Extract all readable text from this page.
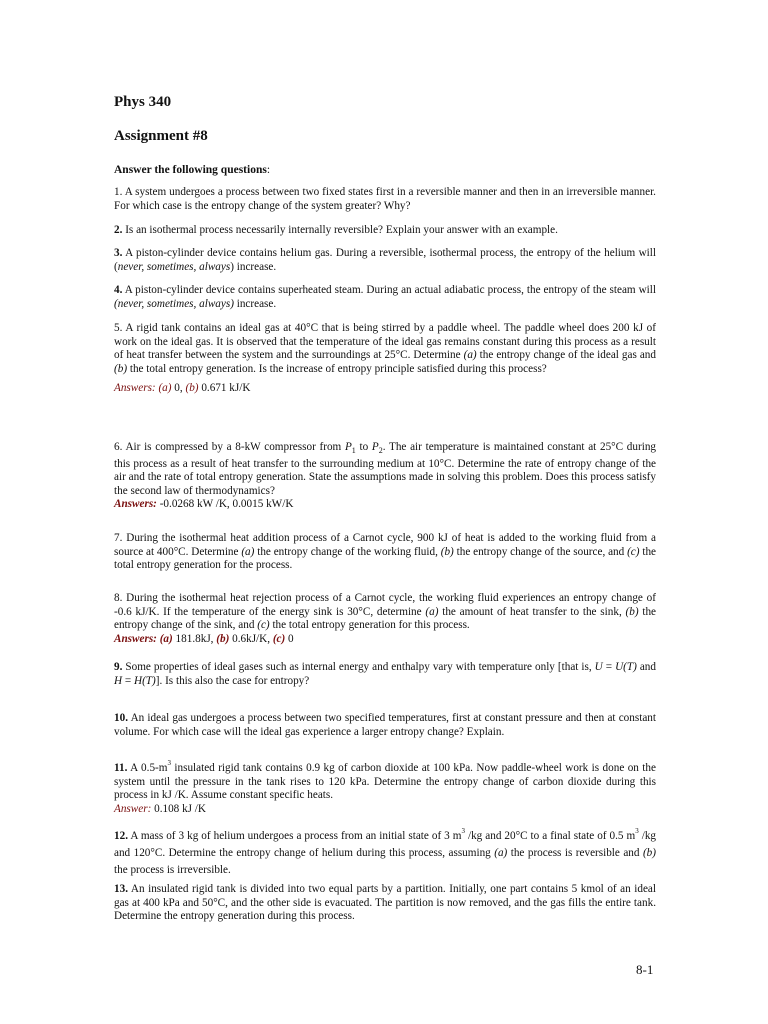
Phys 340
Assignment #8
Answer the following questions:
1. A system undergoes a process between two fixed states first in a reversible manner and then in an irreversible manner. For which case is the entropy change of the system greater? Why?
2. Is an isothermal process necessarily internally reversible? Explain your answer with an example.
3. A piston-cylinder device contains helium gas. During a reversible, isothermal process, the entropy of the helium will (never, sometimes, always) increase.
4. A piston-cylinder device contains superheated steam. During an actual adiabatic process, the entropy of the steam will (never, sometimes, always) increase.
5. A rigid tank contains an ideal gas at 40°C that is being stirred by a paddle wheel. The paddle wheel does 200 kJ of work on the ideal gas. It is observed that the temperature of the ideal gas remains constant during this process as a result of heat transfer between the system and the surroundings at 25°C. Determine (a) the entropy change of the ideal gas and (b) the total entropy generation. Is the increase of entropy principle satisfied during this process?
Answers: (a) 0, (b) 0.671 kJ/K
6. Air is compressed by a 8-kW compressor from $P_1$ to $P_2$. The air temperature is maintained constant at 25°C during this process as a result of heat transfer to the surrounding medium at 10°C. Determine the rate of entropy change of the air and the rate of total entropy generation. State the assumptions made in solving this problem. Does this process satisfy the second law of thermodynamics?
Answers: -0.0268 kW /K, 0.0015 kW/K
7. During the isothermal heat addition process of a Carnot cycle, 900 kJ of heat is added to the working fluid from a source at 400°C. Determine (a) the entropy change of the working fluid, (b) the entropy change of the source, and (c) the total entropy generation for the process.
8. During the isothermal heat rejection process of a Carnot cycle, the working fluid experiences an entropy change of -0.6 kJ/K. If the temperature of the energy sink is 30°C, determine (a) the amount of heat transfer to the sink, (b) the entropy change of the sink, and (c) the total entropy generation for this process.
Answers: (a) 181.8kJ, (b) 0.6kJ/K, (c) 0
9. Some properties of ideal gases such as internal energy and enthalpy vary with temperature only [that is, U = U(T) and H = H(T)]. Is this also the case for entropy?
10. An ideal gas undergoes a process between two specified temperatures, first at constant pressure and then at constant volume. For which case will the ideal gas experience a larger entropy change? Explain.
11. A $0.5-m^3$ insulated rigid tank contains 0.9 kg of carbon dioxide at 100 kPa. Now paddle-wheel work is done on the system until the pressure in the tank rises to 120 kPa. Determine the entropy change of carbon dioxide during this process in kJ /K. Assume constant specific heats.
Answer: 0.108 kJ /K
12. A mass of 3 kg of helium undergoes a process from an initial state of 3 $m^3$ /kg and 20°C to a final state of 0.5 $m^3$ /kg and 120°C. Determine the entropy change of helium during this process, assuming (a) the process is reversible and (b) the process is irreversible.
13. An insulated rigid tank is divided into two equal parts by a partition. Initially, one part contains 5 kmol of an ideal gas at 400 kPa and 50°C, and the other side is evacuated. The partition is now removed, and the gas fills the entire tank. Determine the entropy generation during this process.
8-1
